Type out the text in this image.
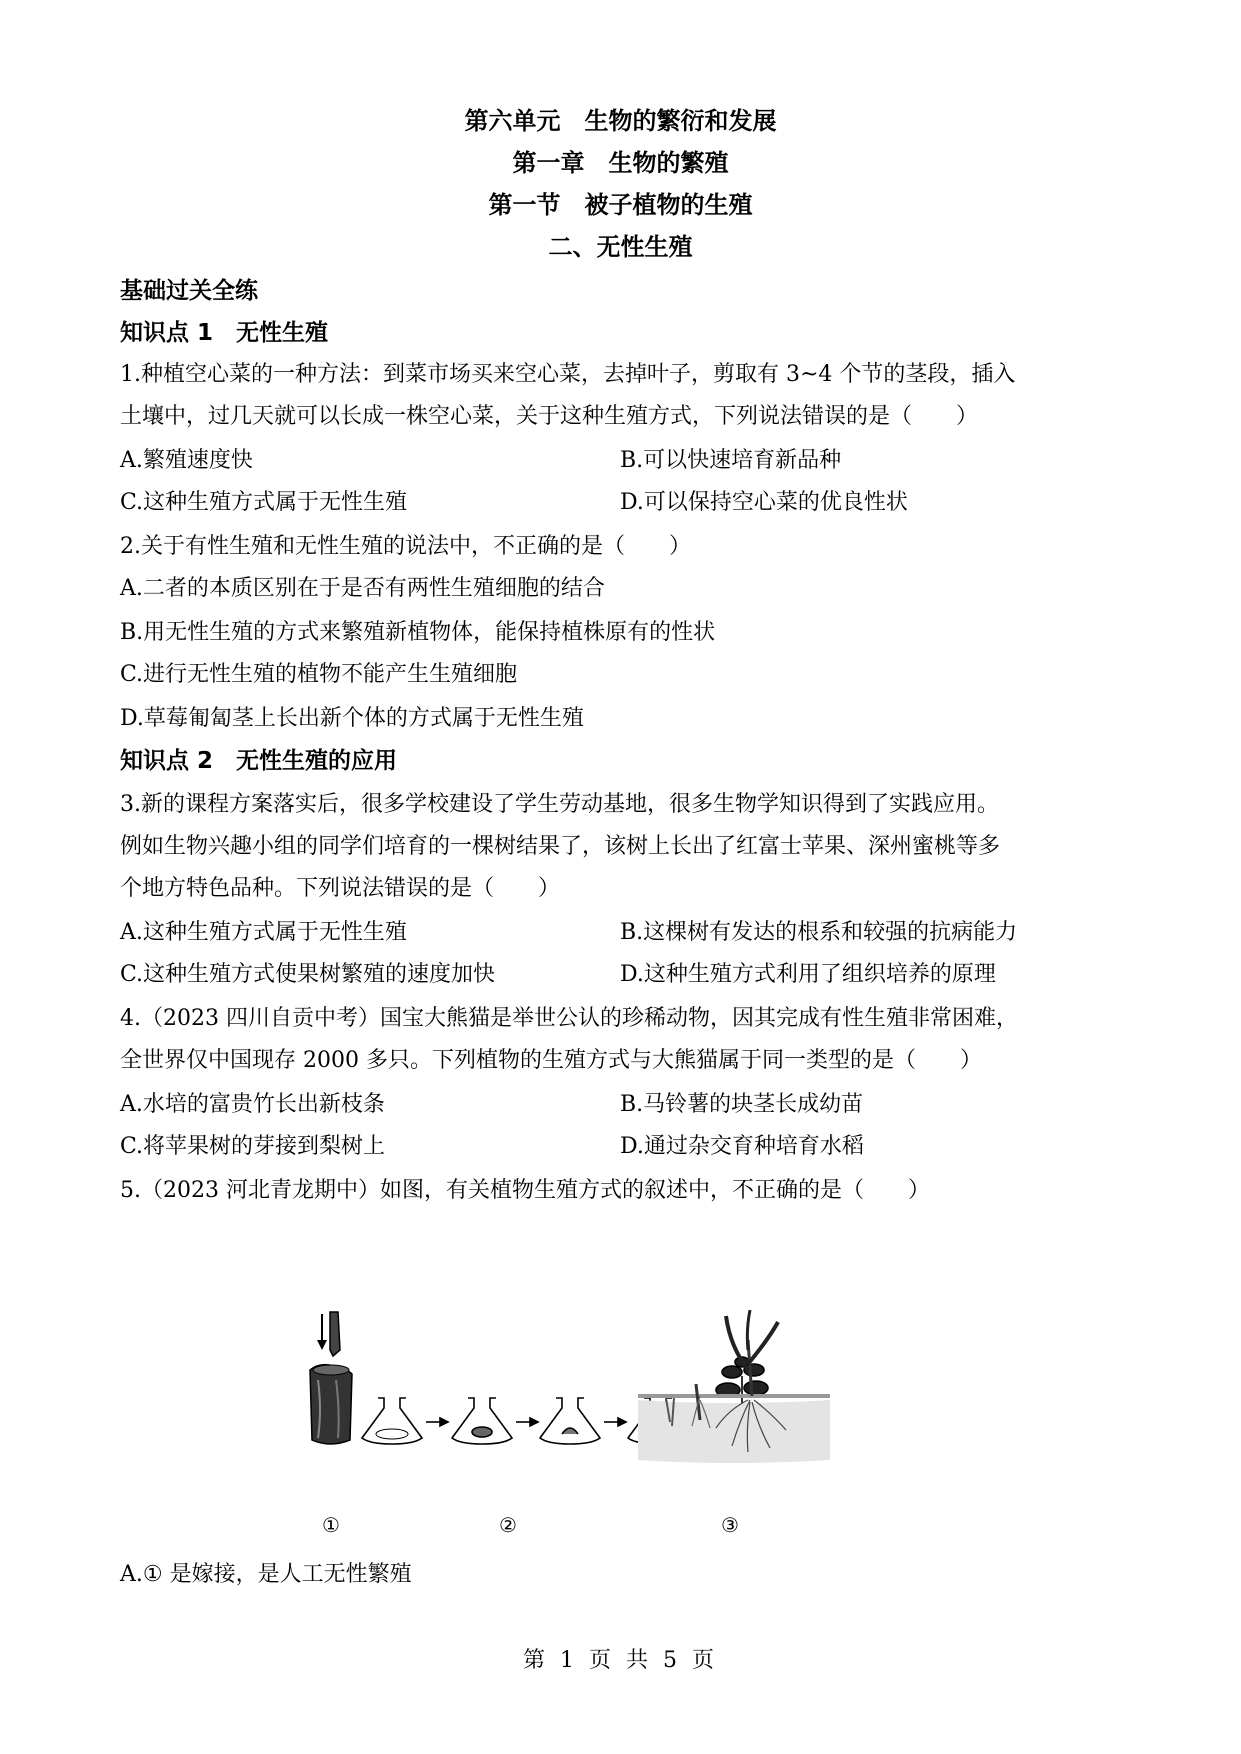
第六单元　生物的繁衍和发展
第一章　生物的繁殖
第一节　被子植物的生殖
二、无性生殖
基础过关全练
知识点 1　无性生殖
1.种植空心菜的一种方法：到菜市场买来空心菜，去掉叶子，剪取有 3~4 个节的茎段，插入
土壤中，过几天就可以长成一株空心菜，关于这种生殖方式，下列说法错误的是（　　）
A.繁殖速度快	B.可以快速培育新品种
C.这种生殖方式属于无性生殖	D.可以保持空心菜的优良性状
2.关于有性生殖和无性生殖的说法中，不正确的是（　　）
A.二者的本质区别在于是否有两性生殖细胞的结合
B.用无性生殖的方式来繁殖新植物体，能保持植株原有的性状
C.进行无性生殖的植物不能产生生殖细胞
D.草莓匍匐茎上长出新个体的方式属于无性生殖
知识点 2　无性生殖的应用
3.新的课程方案落实后，很多学校建设了学生劳动基地，很多生物学知识得到了实践应用。
例如生物兴趣小组的同学们培育的一棵树结果了，该树上长出了红富士苹果、深州蜜桃等多
个地方特色品种。下列说法错误的是（　　）
A.这种生殖方式属于无性生殖	B.这棵树有发达的根系和较强的抗病能力
C.这种生殖方式使果树繁殖的速度加快	D.这种生殖方式利用了组织培养的原理
4.（2023 四川自贡中考）国宝大熊猫是举世公认的珍稀动物，因其完成有性生殖非常困难，
全世界仅中国现存 2000 多只。下列植物的生殖方式与大熊猫属于同一类型的是（　　）
A.水培的富贵竹长出新枝条	B.马铃薯的块茎长成幼苗
C.将苹果树的芽接到梨树上	D.通过杂交育种培育水稻
5.（2023 河北青龙期中）如图，有关植物生殖方式的叙述中，不正确的是（　　）
①	②	③
A.① 是嫁接，是人工无性繁殖
第 1 页 共 5 页
